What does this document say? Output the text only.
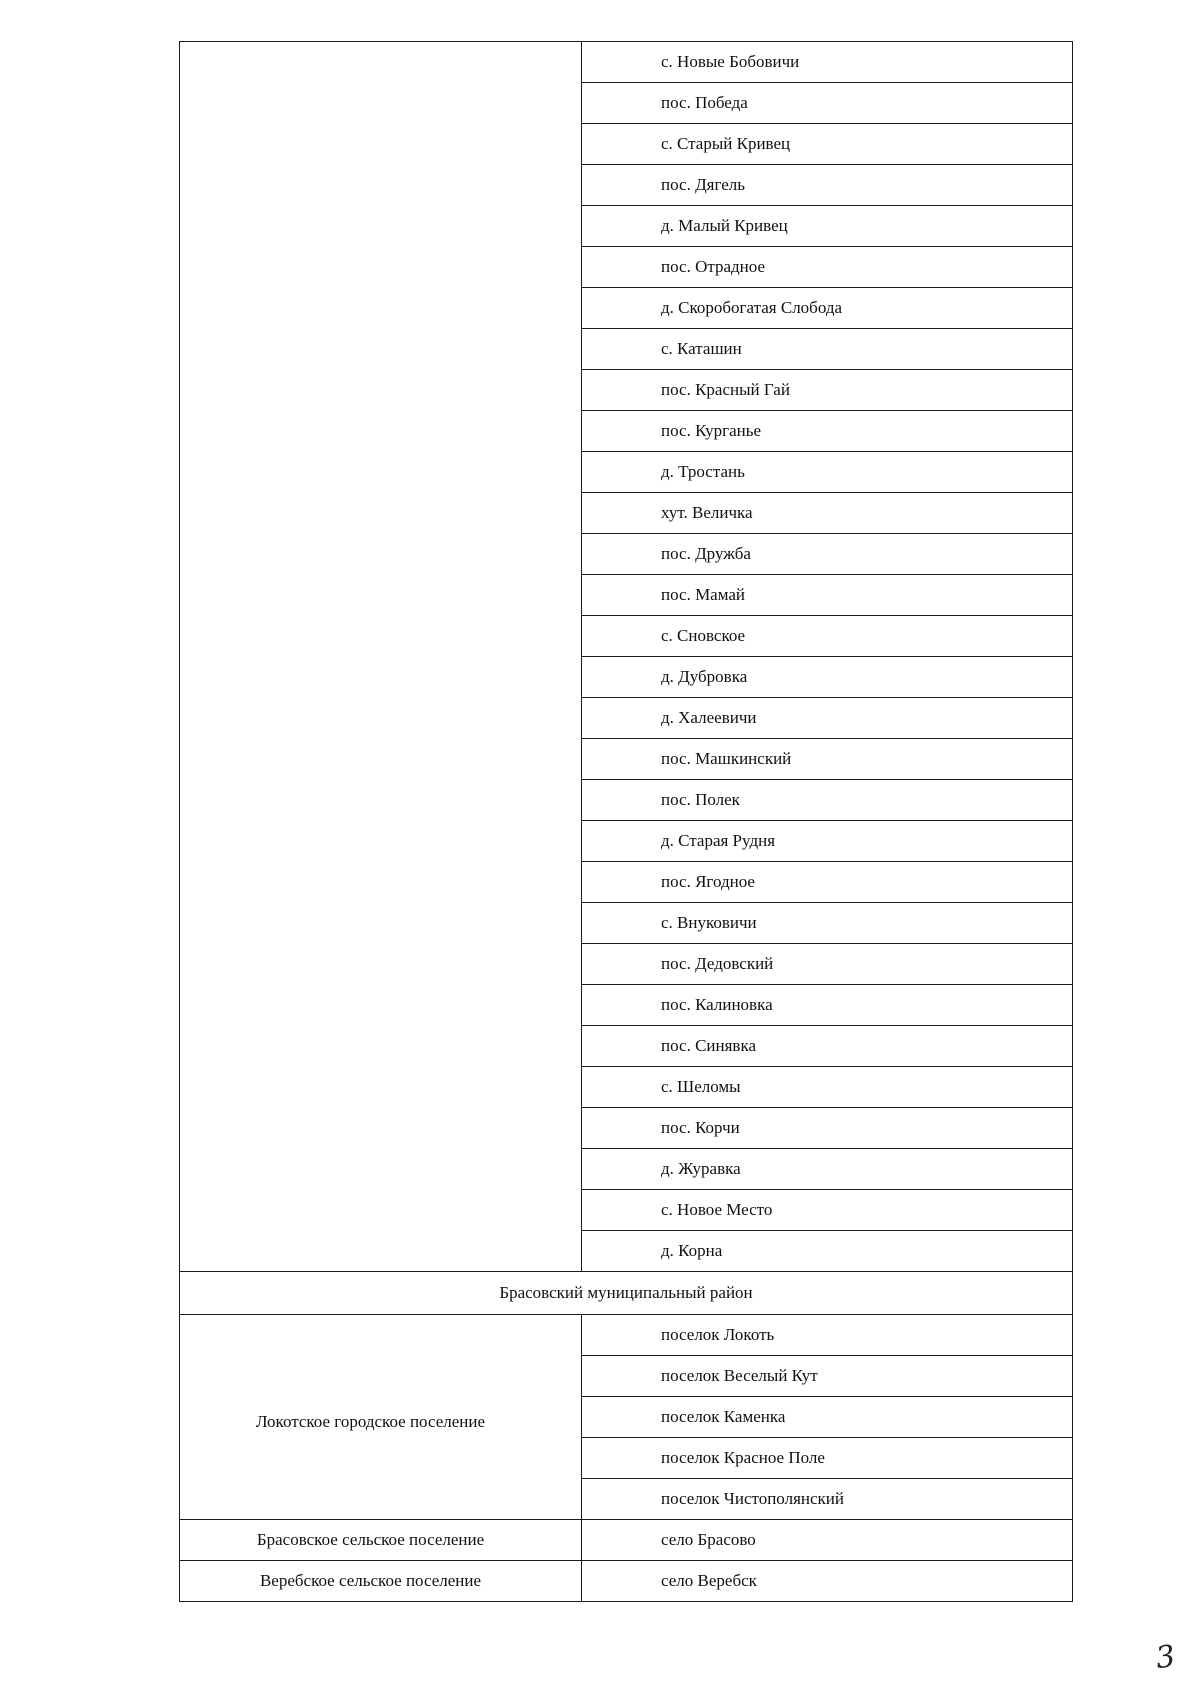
	с. Новые Бобовичи
	пос. Победа
	с. Старый Кривец
	пос. Дягель
	д. Малый Кривец
	пос. Отрадное
	д. Скоробогатая Слобода
	с. Каташин
	пос. Красный Гай
	пос. Курганье
	д. Тростань
	хут. Величка
	пос. Дружба
	пос. Мамай
	с. Сновское
	д. Дубровка
	д. Халеевичи
	пос. Машкинский
	пос. Полек
	д. Старая Рудня
	пос. Ягодное
	с. Внуковичи
	пос. Дедовский
	пос. Калиновка
	пос. Синявка
	с. Шеломы
	пос. Корчи
	д. Журавка
	с. Новое Место
	д. Корна
Брасовский муниципальный район	
Локотское городское поселение	поселок Локоть
	поселок Веселый Кут
	поселок Каменка
	поселок Красное Поле
	поселок Чистополянский
Брасовское сельское поселение	село Брасово
Веребское сельское поселение	село Веребск
3
